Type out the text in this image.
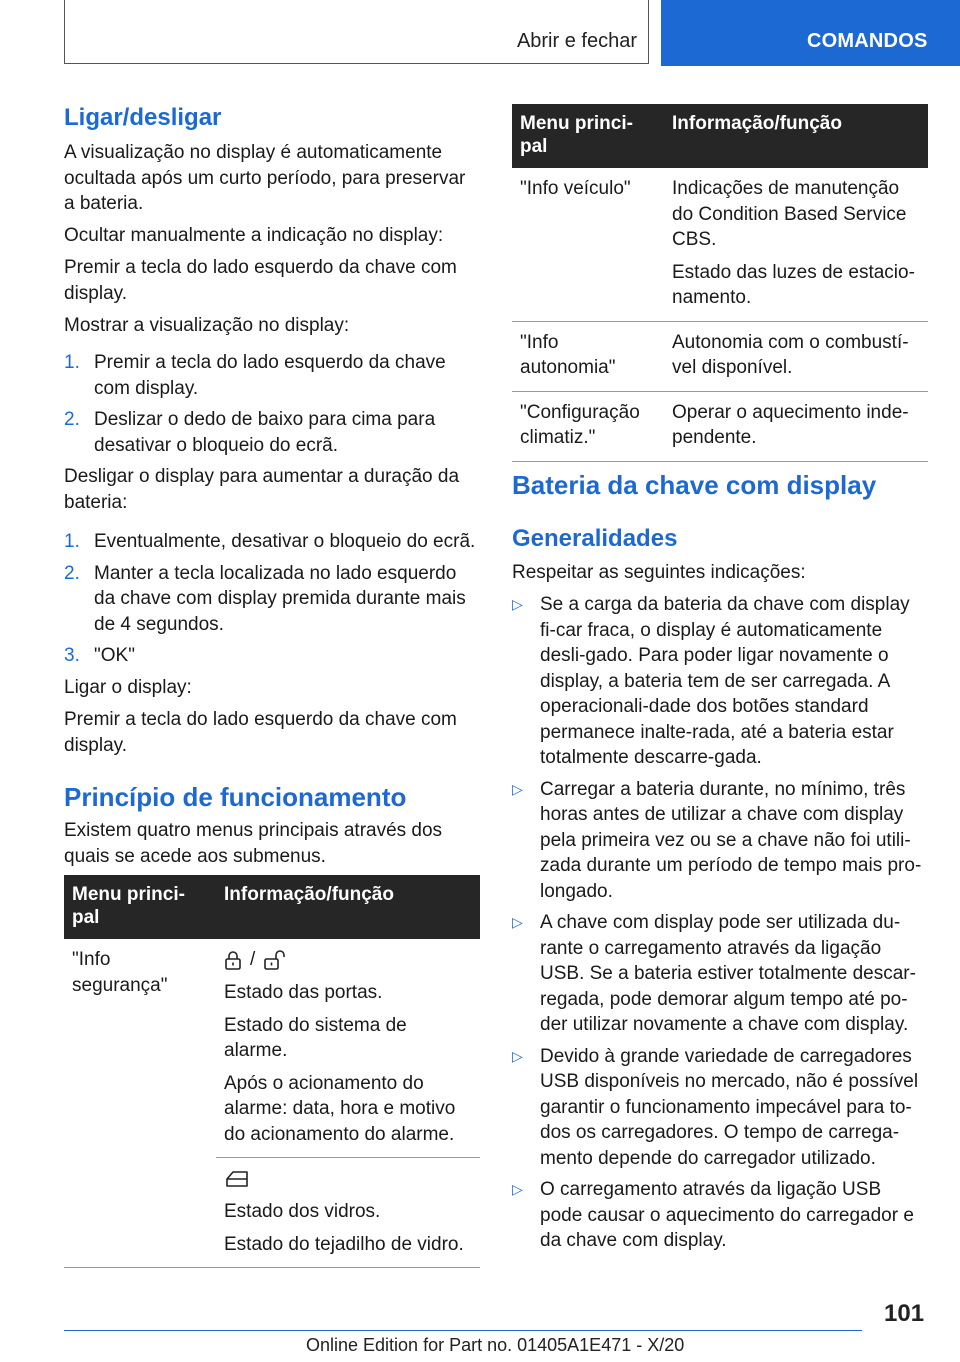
Abrir e fechar	COMANDOS
Ligar/desligar

A visualização no display é automaticamente ocultada após um curto período, para preservar a bateria.

Ocultar manualmente a indicação no display:

Premir a tecla do lado esquerdo da chave com display.

Mostrar a visualização no display:

1. Premir a tecla do lado esquerdo da chave com display.
2. Deslizar o dedo de baixo para cima para desativar o bloqueio do ecrã.

Desligar o display para aumentar a duração da bateria:

1. Eventualmente, desativar o bloqueio do ecrã.
2. Manter a tecla localizada no lado esquerdo da chave com display premida durante mais de 4 segundos.
3. "OK"

Ligar o display:

Premir a tecla do lado esquerdo da chave com display.

Princípio de funcionamento

Existem quatro menus principais através dos quais se acede aos submenus.

Menu princi-pal	Informação/função
"Info segurança"	/
Estado das portas.
Estado do sistema de alarme.
Após o acionamento do alarme: data, hora e motivo do acionamento do alarme.

	Estado dos vidros.
Estado do tejadilho de vidro.
Menu princi-pal	Informação/função
"Info veículo"	Indicações de manutenção do Condition Based Service CBS.
Estado das luzes de estacio-namento.

"Info autonomia"	Autonomia com o combustí-vel disponível.
"Configuração climatiz."	Operar o aquecimento inde-pendente.
Bateria da chave com display
Generalidades

Respeitar as seguintes indicações:

▷ Se a carga da bateria da chave com display fi-car fraca, o display é automaticamente desli-gado. Para poder ligar novamente o display, a bateria tem de ser carregada. A operacionali-dade dos botões standard permanece inalte-rada, até a bateria estar totalmente descarre-gada.
▷ Carregar a bateria durante, no mínimo, três horas antes de utilizar a chave com display pela primeira vez ou se a chave não foi utili-zada durante um período de tempo mais pro-longado.
▷ A chave com display pode ser utilizada du-rante o carregamento através da ligação USB. Se a bateria estiver totalmente descar-regada, pode demorar algum tempo até po-der utilizar novamente a chave com display.
▷ Devido à grande variedade de carregadores USB disponíveis no mercado, não é possível garantir o funcionamento impecável para to-dos os carregadores. O tempo de carrega-mento depende do carregador utilizado.
▷ O carregamento através da ligação USB pode causar o aquecimento do carregador e da chave com display.
101
Online Edition for Part no. 01405A1E471 - X/20
